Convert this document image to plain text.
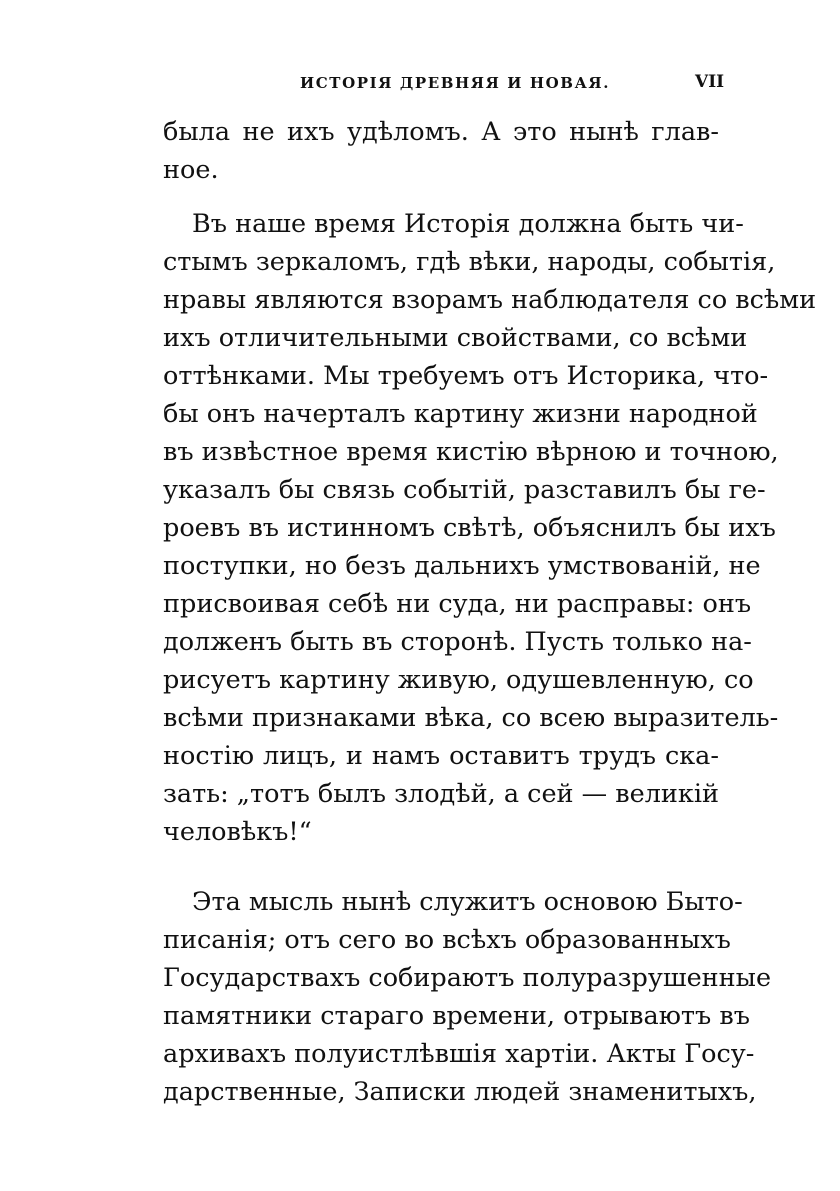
ИСТОРІЯ ДРЕВНЯЯ И НОВАЯ.	VII
была не ихъ удѣломъ. А это нынѣ глав-
ное.
Въ наше время Исторія должна быть чи-
стымъ зеркаломъ, гдѣ вѣки, народы, событія,
нравы являются взорамъ наблюдателя со всѣми
ихъ отличительными свойствами, со всѣми
оттѣнками. Мы требуемъ отъ Историка, что-
бы онъ начерталъ картину жизни народной
въ извѣстное время кистію вѣрною и точною,
указалъ бы связь событій, разставилъ бы ге-
роевъ въ истинномъ свѣтѣ, объяснилъ бы ихъ
поступки, но безъ дальнихъ умствованій, не
присвоивая себѣ ни суда, ни расправы: онъ
долженъ быть въ сторонѣ. Пусть только на-
рисуетъ картину живую, одушевленную, со
всѣми признаками вѣка, со всею выразитель-
ностію лицъ, и намъ оставитъ трудъ ска-
зать: „тотъ былъ злодѣй, а сей — великій
человѣкъ!“
Эта мысль нынѣ служитъ основою Быто-
писанія; отъ сего во всѣхъ образованныхъ
Государствахъ собираютъ полуразрушенные
памятники стараго времени, отрываютъ въ
архивахъ полуистлѣвшія хартіи. Акты Госу-
дарственные, Записки людей знаменитыхъ,
